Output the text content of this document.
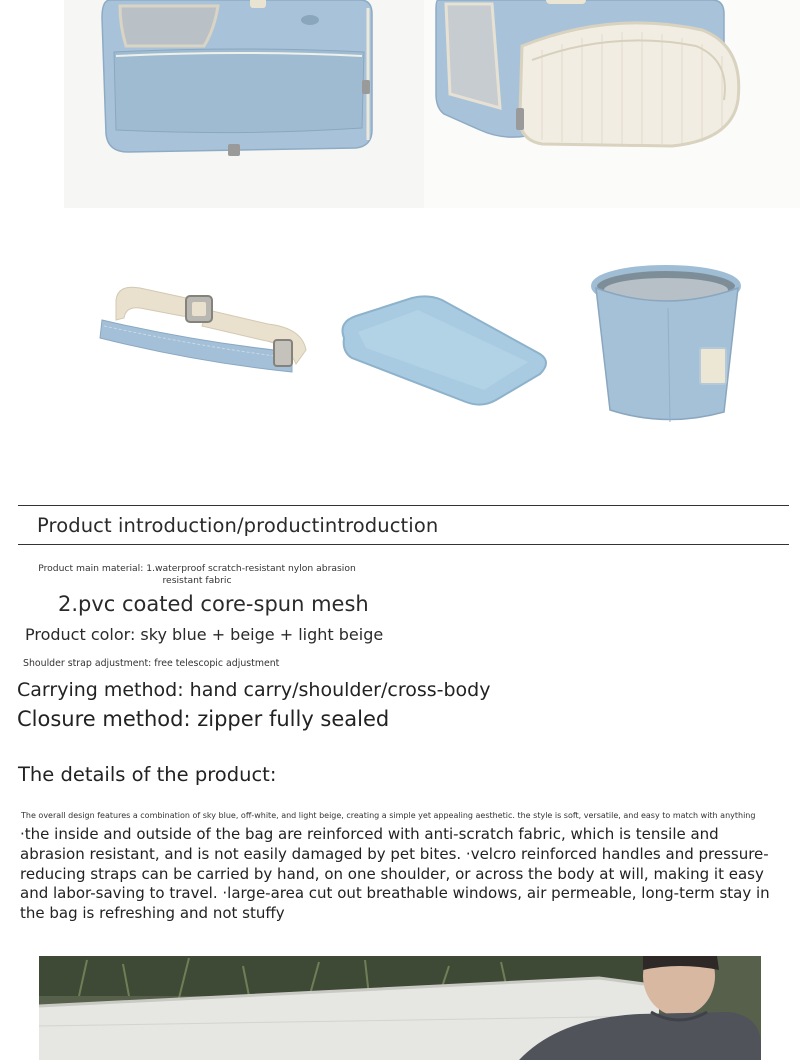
Product introduction/productintroduction
Product main material: 1.waterproof scratch-resistant nylon abrasion resistant fabric
2.pvc coated core-spun mesh
Product color: sky blue + beige + light beige
Shoulder strap adjustment: free telescopic adjustment
Carrying method: hand carry/shoulder/cross-body
Closure method: zipper fully sealed
The details of the product:
The overall design features a combination of sky blue, off-white, and light beige, creating a simple yet appealing aesthetic. the style is soft, versatile, and easy to match with anything
·the inside and outside of the bag are reinforced with anti-scratch fabric, which is tensile and abrasion resistant, and is not easily damaged by pet bites. ·velcro reinforced handles and pressure-reducing straps can be carried by hand, on one shoulder, or across the body at will, making it easy and labor-saving to travel. ·large-area cut out breathable windows, air permeable, long-term stay in the bag is refreshing and not stuffy
